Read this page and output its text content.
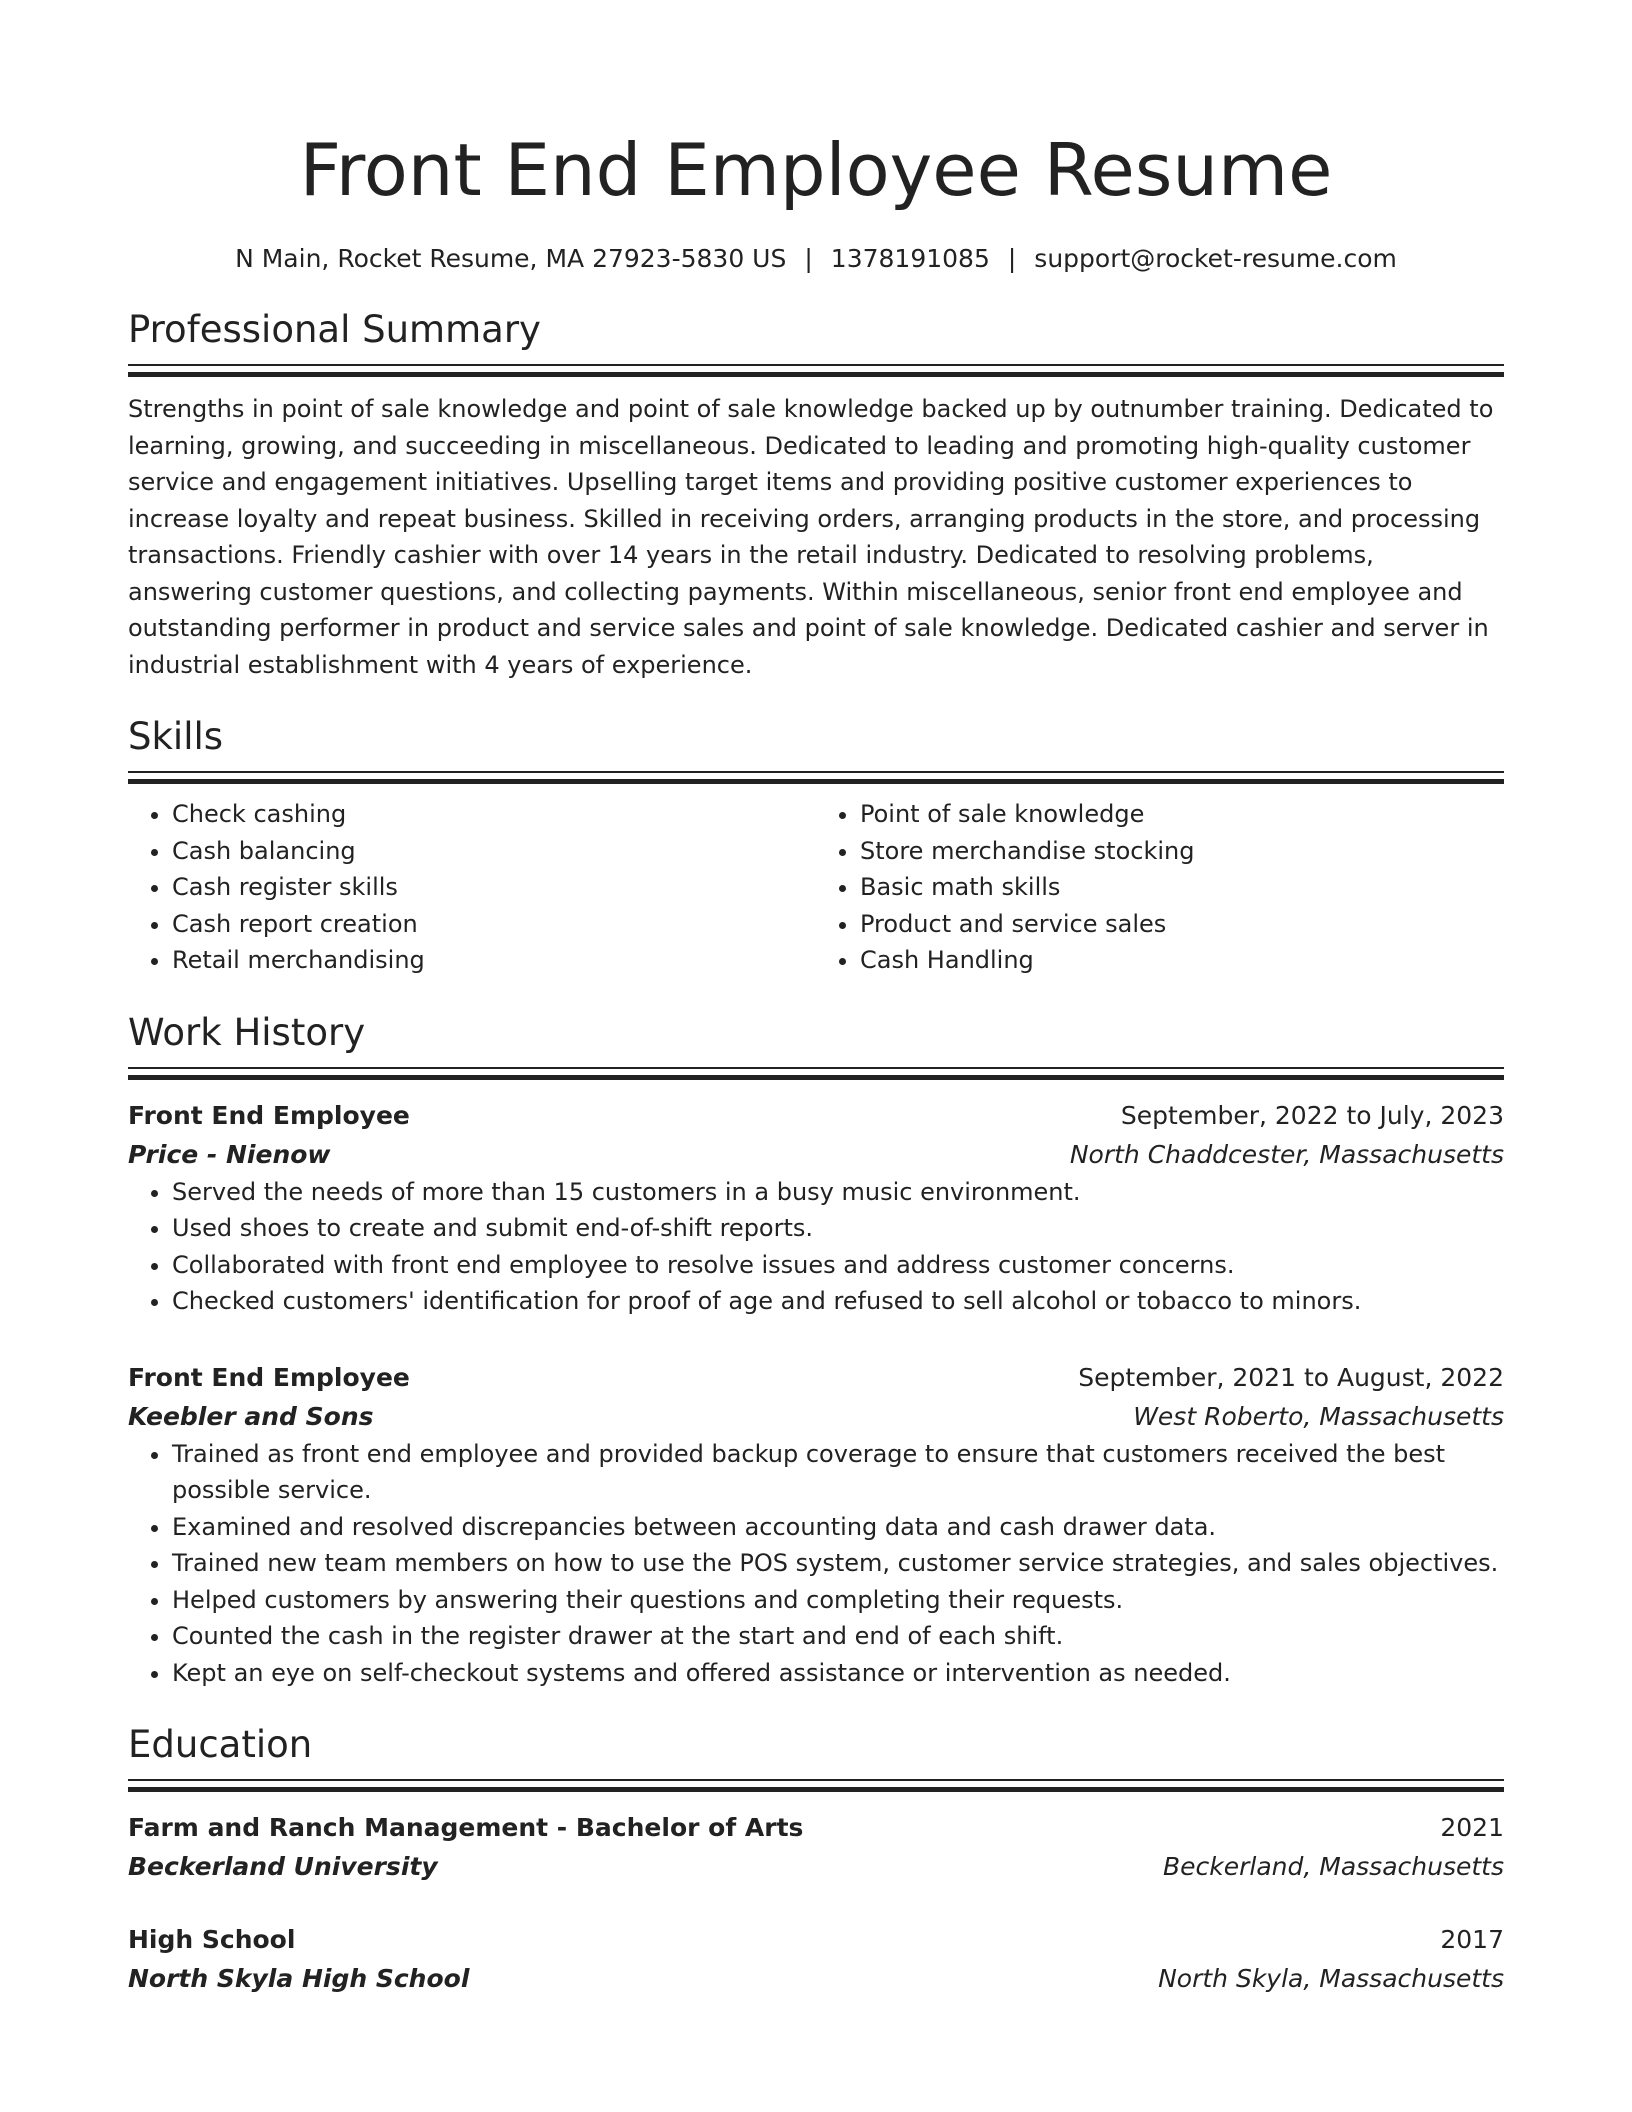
Front End Employee Resume
N Main, Rocket Resume, MA 27923-5830 US | 1378191085 | support@rocket-resume.com
Professional Summary
Strengths in point of sale knowledge and point of sale knowledge backed up by outnumber training. Dedicated to learning, growing, and succeeding in miscellaneous. Dedicated to leading and promoting high-quality customer service and engagement initiatives. Upselling target items and providing positive customer experiences to increase loyalty and repeat business. Skilled in receiving orders, arranging products in the store, and processing transactions. Friendly cashier with over 14 years in the retail industry. Dedicated to resolving problems, answering customer questions, and collecting payments. Within miscellaneous, senior front end employee and outstanding performer in product and service sales and point of sale knowledge. Dedicated cashier and server in industrial establishment with 4 years of experience.
Skills
• Check cashing
• Cash balancing
• Cash register skills
• Cash report creation
• Retail merchandising
• Point of sale knowledge
• Store merchandise stocking
• Basic math skills
• Product and service sales
• Cash Handling
Work History
Front End Employee	September, 2022 to July, 2023
Price - Nienow	North Chaddcester, Massachusetts
• Served the needs of more than 15 customers in a busy music environment.
• Used shoes to create and submit end-of-shift reports.
• Collaborated with front end employee to resolve issues and address customer concerns.
• Checked customers' identification for proof of age and refused to sell alcohol or tobacco to minors.
Front End Employee	September, 2021 to August, 2022
Keebler and Sons	West Roberto, Massachusetts
• Trained as front end employee and provided backup coverage to ensure that customers received the best possible service.
• Examined and resolved discrepancies between accounting data and cash drawer data.
• Trained new team members on how to use the POS system, customer service strategies, and sales objectives.
• Helped customers by answering their questions and completing their requests.
• Counted the cash in the register drawer at the start and end of each shift.
• Kept an eye on self-checkout systems and offered assistance or intervention as needed.
Education
Farm and Ranch Management - Bachelor of Arts	2021
Beckerland University	Beckerland, Massachusetts
High School	2017
North Skyla High School	North Skyla, Massachusetts
